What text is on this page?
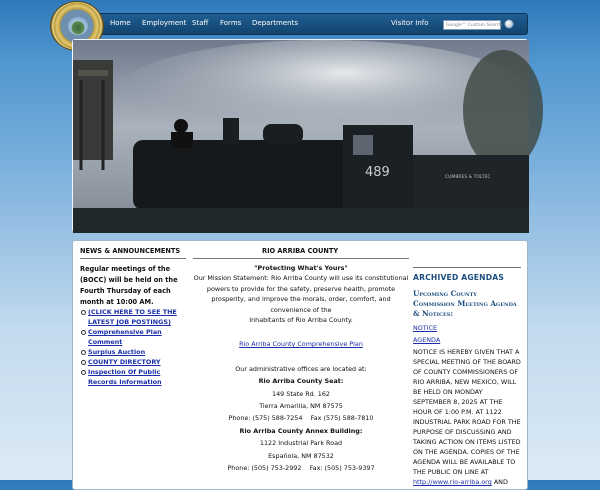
Home Employment Staff Forms Departments	Visitor Info	Google™ Custom Search
489	CUMBRES & TOLTEC
NEWS & ANNOUNCEMENTS
Regular meetings of the (BOCC) will be held on the Fourth Thursday of each month at 10:00 AM.
(CLICK HERE TO SEE THE LATEST JOB POSTINGS)
Comprehensive Plan Comment
Surplus Auction
COUNTY DIRECTORY
Inspection Of Public Records Information
RIO ARRIBA COUNTY
"Protecting What's Yours"
Our Mission Statement: Rio Arriba County will use its constitutional powers to provide for the safety, preserve health, promote prosperity, and improve the morals, order, comfort, and convenience of the
Inhabitants of Rio Arriba County.
Rio Arriba County Comprehensive Plan
Our administrative offices are located at:
Rio Arriba County Seat:
149 State Rd. 162
Tierra Amarilla, NM 87575
Phone: (575) 588-7254 Fax (575) 588-7810
Rio Arriba County Annex Building:
1122 Industrial Park Road
Española, NM 87532
Phone: (505) 753-2992 Fax: (505) 753-9397
ARCHIVED AGENDAS
Upcoming County Commission Meeting Agenda & Notices:
NOTICE
AGENDA
NOTICE IS HEREBY GIVEN THAT A SPECIAL MEETING OF THE BOARD OF COUNTY COMMISSIONERS OF RIO ARRIBA, NEW MEXICO, WILL BE HELD ON MONDAY SEPTEMBER 8, 2025 AT THE HOUR OF 1:00 P.M. AT 1122 INDUSTRIAL PARK ROAD FOR THE PURPOSE OF DISCUSSING AND TAKING ACTION ON ITEMS LISTED ON THE AGENDA. COPIES OF THE AGENDA WILL BE AVAILABLE TO THE PUBLIC ON LINE AT
http://www.rio-arriba.org AND
